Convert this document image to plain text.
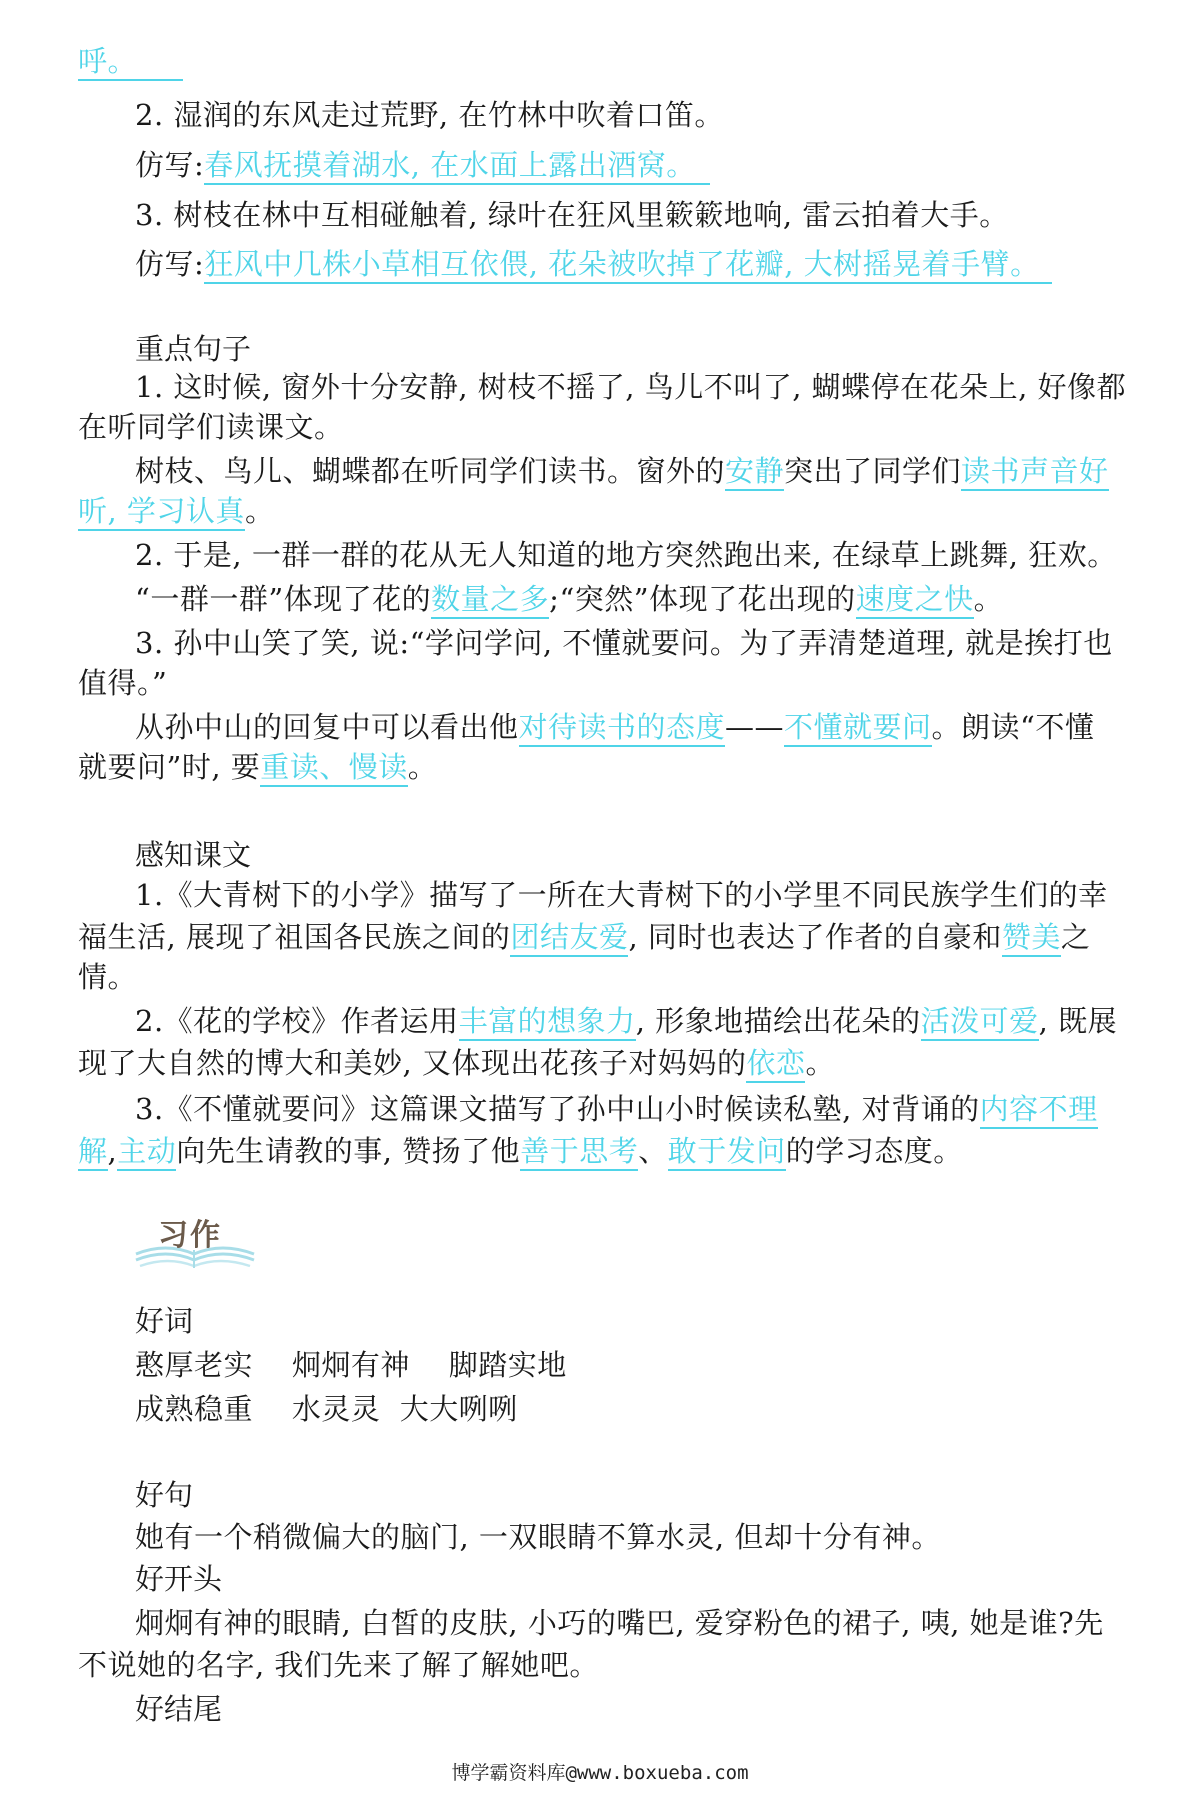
呼。
2. 湿润的东风走过荒野, 在竹林中吹着口笛。
仿写:春风抚摸着湖水, 在水面上露出酒窝。
3. 树枝在林中互相碰触着, 绿叶在狂风里簌簌地响, 雷云拍着大手。
仿写:狂风中几株小草相互依偎, 花朵被吹掉了花瓣, 大树摇晃着手臂。
重点句子
1. 这时候, 窗外十分安静, 树枝不摇了, 鸟儿不叫了, 蝴蝶停在花朵上, 好像都
在听同学们读课文。
树枝、鸟儿、蝴蝶都在听同学们读书。窗外的安静突出了同学们读书声音好
听, 学习认真。
2. 于是, 一群一群的花从无人知道的地方突然跑出来, 在绿草上跳舞, 狂欢。
“一群一群”体现了花的数量之多;“突然”体现了花出现的速度之快。
3. 孙中山笑了笑, 说:“学问学问, 不懂就要问。为了弄清楚道理, 就是挨打也
值得。”
从孙中山的回复中可以看出他对待读书的态度——不懂就要问。朗读“不懂
就要问”时, 要重读、慢读。
感知课文
1.《大青树下的小学》描写了一所在大青树下的小学里不同民族学生们的幸
福生活, 展现了祖国各民族之间的团结友爱, 同时也表达了作者的自豪和赞美之
情。
2.《花的学校》作者运用丰富的想象力, 形象地描绘出花朵的活泼可爱, 既展
现了大自然的博大和美妙, 又体现出花孩子对妈妈的依恋。
3.《不懂就要问》这篇课文描写了孙中山小时候读私塾, 对背诵的内容不理
解,主动向先生请教的事, 赞扬了他善于思考、敢于发问的学习态度。
习作
好词
憨厚老实    炯炯有神    脚踏实地
成熟稳重    水灵灵  大大咧咧
好句
她有一个稍微偏大的脑门, 一双眼睛不算水灵, 但却十分有神。
好开头
炯炯有神的眼睛, 白皙的皮肤, 小巧的嘴巴, 爱穿粉色的裙子, 咦, 她是谁?先
不说她的名字, 我们先来了解了解她吧。
好结尾
博学霸资料库@www.boxueba.com
